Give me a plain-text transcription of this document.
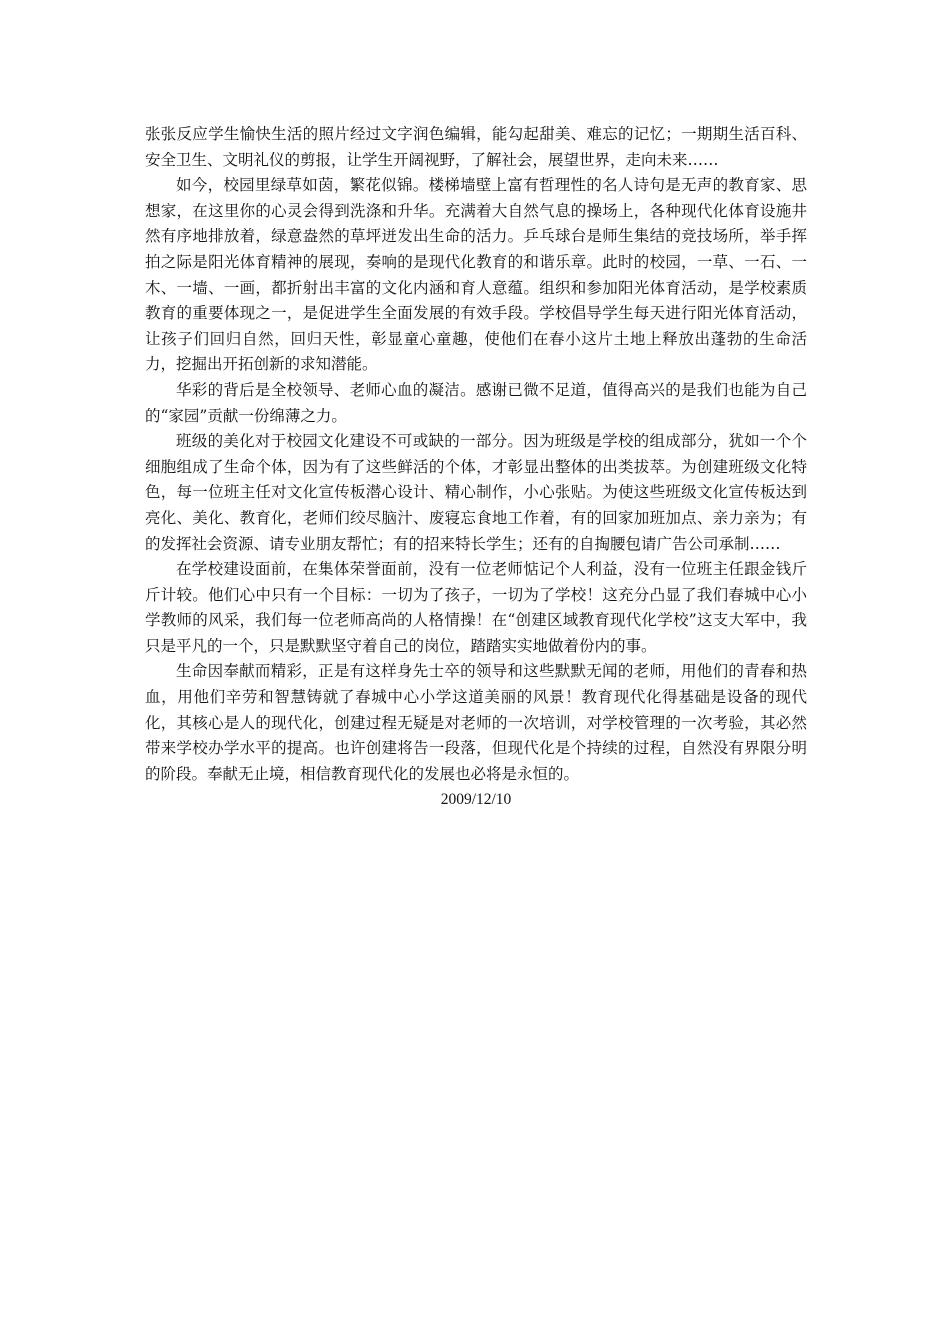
张张反应学生愉快生活的照片经过文字润色编辑，能勾起甜美、难忘的记忆；一期期生活百科、安全卫生、文明礼仪的剪报，让学生开阔视野，了解社会，展望世界，走向未来……

如今，校园里绿草如茵，繁花似锦。楼梯墙壁上富有哲理性的名人诗句是无声的教育家、思想家，在这里你的心灵会得到洗涤和升华。充满着大自然气息的操场上，各种现代化体育设施井然有序地排放着，绿意盎然的草坪迸发出生命的活力。乒乓球台是师生集结的竞技场所，举手挥拍之际是阳光体育精神的展现，奏响的是现代化教育的和谐乐章。此时的校园，一草、一石、一木、一墙、一画，都折射出丰富的文化内涵和育人意蕴。组织和参加阳光体育活动，是学校素质教育的重要体现之一，是促进学生全面发展的有效手段。学校倡导学生每天进行阳光体育活动，让孩子们回归自然，回归天性，彰显童心童趣，使他们在春小这片土地上释放出蓬勃的生命活力，挖掘出开拓创新的求知潜能。

华彩的背后是全校领导、老师心血的凝洁。感谢已微不足道，值得高兴的是我们也能为自己的“家园”贡献一份绵薄之力。

班级的美化对于校园文化建设不可或缺的一部分。因为班级是学校的组成部分，犹如一个个细胞组成了生命个体，因为有了这些鲜活的个体，才彰显出整体的出类拔萃。为创建班级文化特色，每一位班主任对文化宣传板潜心设计、精心制作，小心张贴。为使这些班级文化宣传板达到亮化、美化、教育化，老师们绞尽脑汁、废寝忘食地工作着，有的回家加班加点、亲力亲为；有的发挥社会资源、请专业朋友帮忙；有的招来特长学生；还有的自掏腰包请广告公司承制……

在学校建设面前，在集体荣誉面前，没有一位老师惦记个人利益，没有一位班主任跟金钱斤斤计较。他们心中只有一个目标：一切为了孩子，一切为了学校！这充分凸显了我们春城中心小学教师的风采，我们每一位老师高尚的人格情操！在“创建区域教育现代化学校”这支大军中，我只是平凡的一个，只是默默坚守着自己的岗位，踏踏实实地做着份内的事。

生命因奉献而精彩，正是有这样身先士卒的领导和这些默默无闻的老师，用他们的青春和热血，用他们辛劳和智慧铸就了春城中心小学这道美丽的风景！教育现代化得基础是设备的现代化，其核心是人的现代化，创建过程无疑是对老师的一次培训，对学校管理的一次考验，其必然带来学校办学水平的提高。也许创建将告一段落，但现代化是个持续的过程，自然没有界限分明的阶段。奉献无止境，相信教育现代化的发展也必将是永恒的。

2009/12/10
